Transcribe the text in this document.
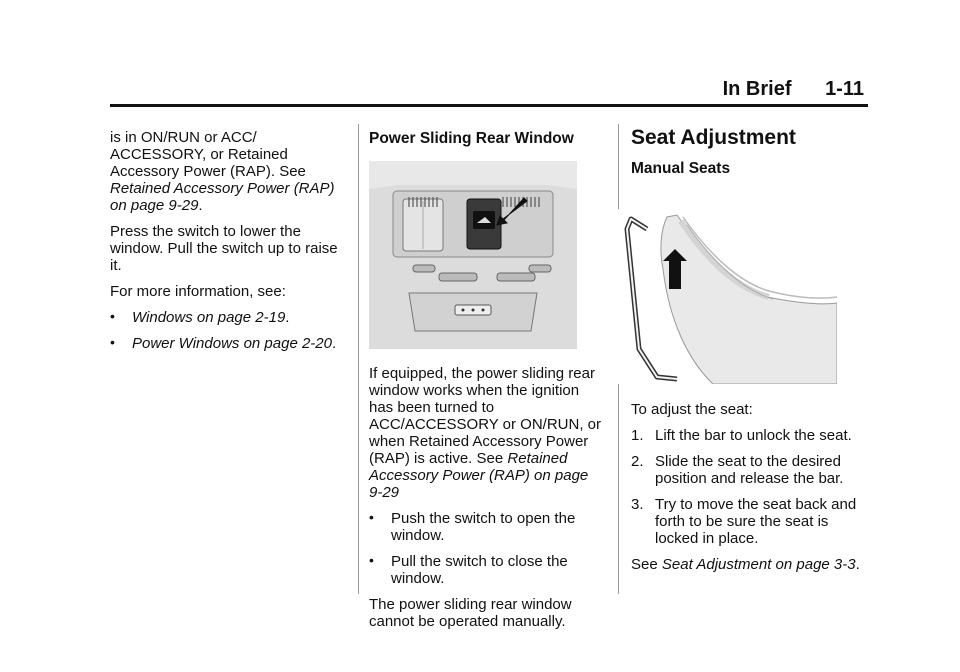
In Brief 1-11

is in ON/RUN or ACC/ ACCESSORY, or Retained Accessory Power (RAP). See Retained Accessory Power (RAP) on page 9-29.

Press the switch to lower the window. Pull the switch up to raise it.

For more information, see:

• Windows on page 2-19.
• Power Windows on page 2-20.
Power Sliding Rear Window

If equipped, the power sliding rear window works when the ignition has been turned to ACC/ACCESSORY or ON/RUN, or when Retained Accessory Power (RAP) is active. See Retained Accessory Power (RAP) on page 9-29

• Push the switch to open the window.
• Pull the switch to close the window.

The power sliding rear window cannot be operated manually.

Seat Adjustment
Manual Seats

To adjust the seat:

1. Lift the bar to unlock the seat.
2. Slide the seat to the desired position and release the bar.
3. Try to move the seat back and forth to be sure the seat is locked in place.

See Seat Adjustment on page 3-3.
